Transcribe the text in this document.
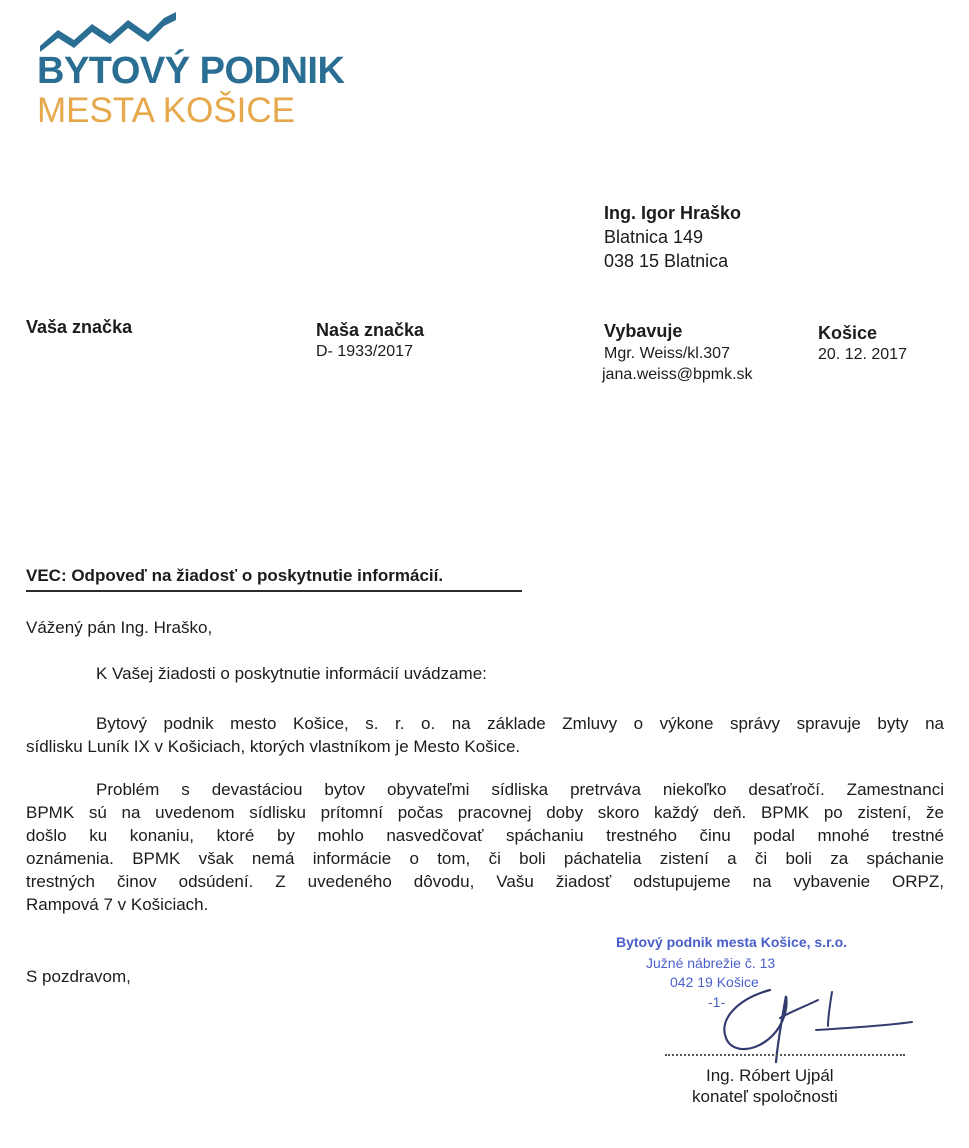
BYTOVÝ PODNIK
MESTA KOŠICE
Ing. Igor Hraško
Blatnica 149
038 15 Blatnica
Vaša značka	Naša značka
D- 1933/2017
Vybavuje
Mgr. Weiss/kl.307
jana.weiss@bpmk.sk
Košice
20. 12. 2017
VEC: Odpoveď na žiadosť o poskytnutie informácií.
Vážený pán Ing. Hraško,
K Vašej žiadosti o poskytnutie informácií uvádzame:
Bytový podnik mesto Košice, s. r. o. na základe Zmluvy o výkone správy spravuje byty na
sídlisku Luník IX v Košiciach, ktorých vlastníkom je Mesto Košice.
Problém s devastáciou bytov obyvateľmi sídliska pretrváva niekoľko desaťročí. Zamestnanci
BPMK sú na uvedenom sídlisku prítomní počas pracovnej doby skoro každý deň. BPMK po zistení, že
došlo ku konaniu, ktoré by mohlo nasvedčovať spáchaniu trestného činu podal mnohé trestné
oznámenia. BPMK však nemá informácie o tom, či boli páchatelia zistení a či boli za spáchanie
trestných činov odsúdení. Z uvedeného dôvodu, Vašu žiadosť odstupujeme na vybavenie ORPZ,
Rampová 7 v Košiciach.
S pozdravom,
Bytový podnik mesta Košice, s.r.o.
Južné nábrežie č. 13
042 19 Košice
-1-
Ing. Róbert Ujpál
konateľ spoločnosti
